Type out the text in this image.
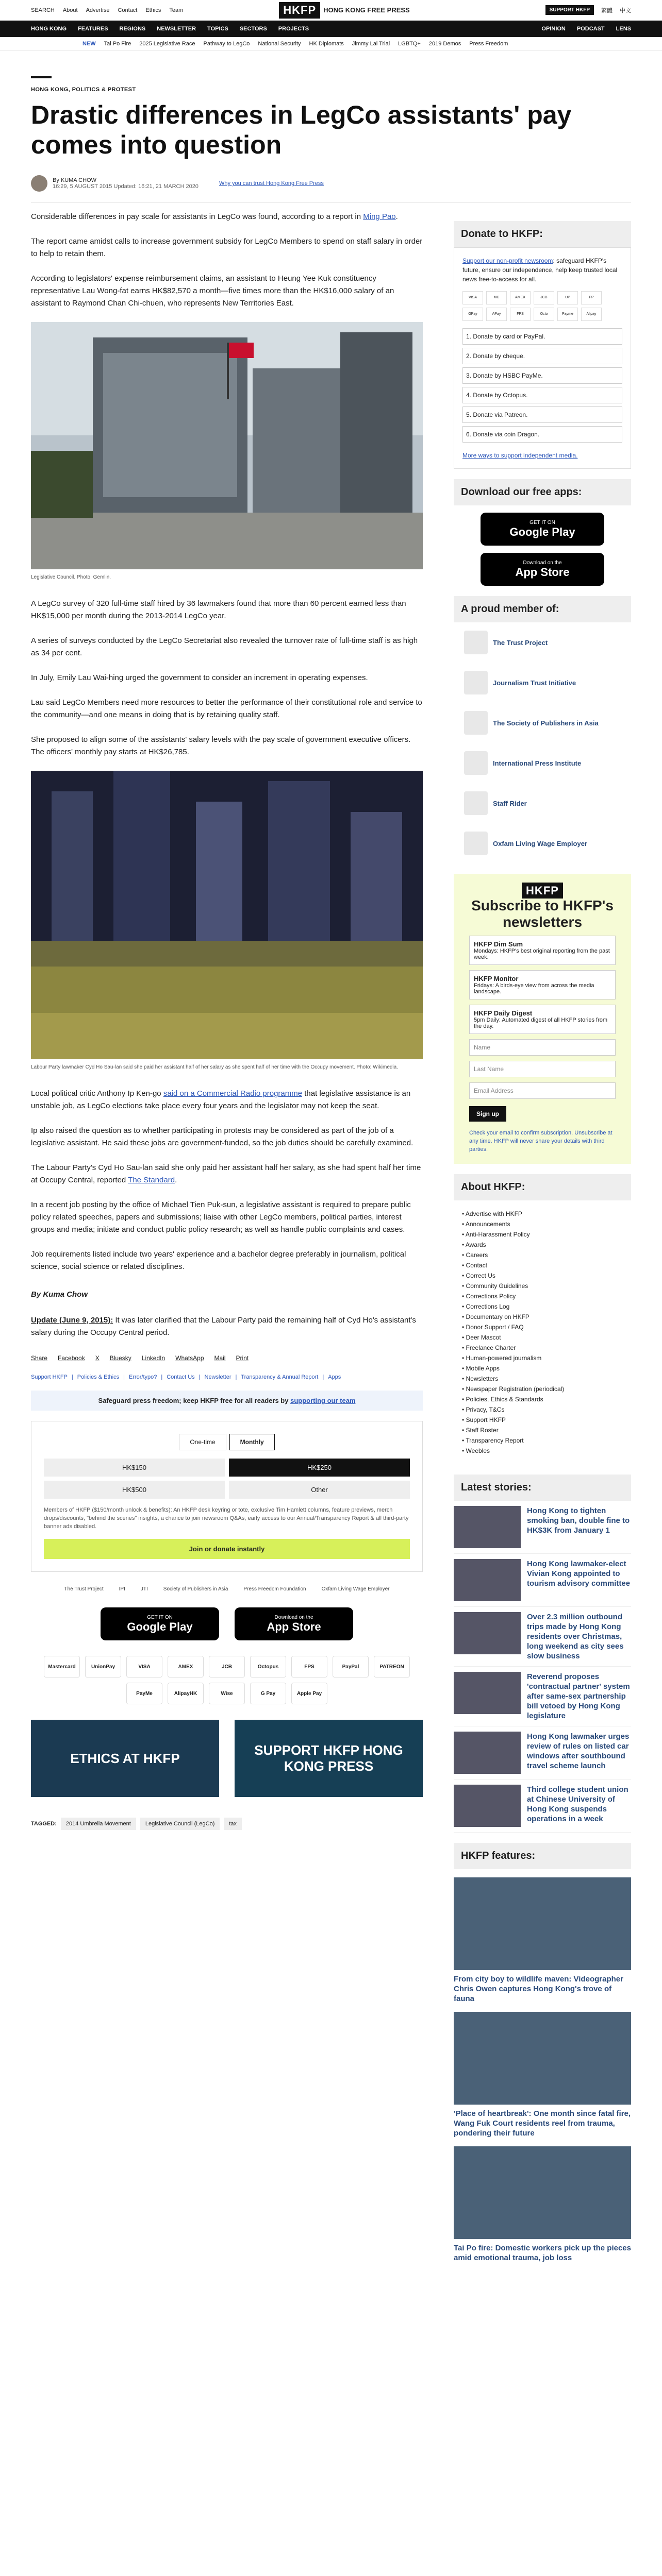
SEARCH About Advertise Contact Ethics Team	HKFP	HONG KONG FREE PRESS	SUPPORT HKFP	繁體 中文
HONG KONG FEATURES REGIONS NEWSLETTER TOPICS SECTORS PROJECTS	OPINION PODCAST LENS
NEW Tai Po Fire 2025 Legislative Race Pathway to LegCo National Security HK Diplomats Jimmy Lai Trial LGBTQ+ 2019 Demos Press Freedom
HONG KONG, POLITICS & PROTEST
Drastic differences in LegCo assistants' pay comes into question
By KUMA CHOW
16:29, 5 AUGUST 2015 Updated: 16:21, 21 MARCH 2020	Why you can trust Hong Kong Free Press

Considerable differences in pay scale for assistants in LegCo was found, according to a report in Ming Pao.

The report came amidst calls to increase government subsidy for LegCo Members to spend on staff salary in order to help to retain them.

According to legislators' expense reimbursement claims, an assistant to Heung Yee Kuk constituency representative Lau Wong-fat earns HK$82,570 a month—five times more than the HK$16,000 salary of an assistant to Raymond Chan Chi-chuen, who represents New Territories East.

Legislative Council. Photo: Gemlin.

A LegCo survey of 320 full-time staff hired by 36 lawmakers found that more than 60 percent earned less than HK$15,000 per month during the 2013-2014 LegCo year.

A series of surveys conducted by the LegCo Secretariat also revealed the turnover rate of full-time staff is as high as 34 per cent.

In July, Emily Lau Wai-hing urged the government to consider an increment in operating expenses.

Lau said LegCo Members need more resources to better the performance of their constitutional role and service to the community—and one means in doing that is by retaining quality staff.

She proposed to align some of the assistants' salary levels with the pay scale of government executive officers. The officers' monthly pay starts at HK$26,785.

Labour Party lawmaker Cyd Ho Sau-lan said she paid her assistant half of her salary as she spent half of her time with the Occupy movement. Photo: Wikimedia.

Local political critic Anthony Ip Ken-go said on a Commercial Radio programme that legislative assistance is an unstable job, as LegCo elections take place every four years and the legislator may not keep the seat.

Ip also raised the question as to whether participating in protests may be considered as part of the job of a legislative assistant. He said these jobs are government-funded, so the job duties should be carefully examined.

The Labour Party's Cyd Ho Sau-lan said she only paid her assistant half her salary, as she had spent half her time at Occupy Central, reported The Standard.

In a recent job posting by the office of Michael Tien Puk-sun, a legislative assistant is required to prepare public policy related speeches, papers and submissions; liaise with other LegCo members, political parties, interest groups and media; initiate and conduct public policy research; as well as handle public complaints and cases.

Job requirements listed include two years' experience and a bachelor degree preferably in journalism, political science, social science or related disciplines.

By Kuma Chow

Update (June 9, 2015): It was later clarified that the Labour Party paid the remaining half of Cyd Ho's assistant's salary during the Occupy Central period.

Share Facebook X Bluesky LinkedIn WhatsApp Mail Print
Support HKFP | Policies & Ethics | Error/typo? | Contact Us | Newsletter | Transparency & Annual Report | Apps
Safeguard press freedom; keep HKFP free for all readers by supporting our team
One-time	Monthly
HK$150	HK$250
HK$500	Other
Members of HKFP ($150/month unlock & benefits): An HKFP desk keyring or tote, exclusive Tim Hamlett columns, feature previews, merch drops/discounts, "behind the scenes" insights, a chance to join newsroom Q&As, early access to our Annual/Transparency Report & all third-party banner ads disabled.
Join or donate instantly
The Trust Project	IPI	JTI	Society of Publishers in Asia	Press Freedom Foundation	Oxfam Living Wage Employer
GET IT ON
Google Play
Download on the
App Store
Mastercard	UnionPay	VISA	AMEX	JCB	Octopus	FPS	PayPal	PATREON
PayMe	AlipayHK	Wise	G Pay	Apple Pay
ETHICS AT HKFP
SUPPORT HKFP HONG KONG PRESS
TAGGED:	2014 Umbrella Movement	Legislative Council (LegCo)	tax
Donate to HKFP:
Support our non-profit newsroom: safeguard HKFP's future, ensure our independence, help keep trusted local news free-to-access for all.
VISA	MC	AMEX	JCB	UP	PP
GPay	APay	FPS	Octo	Payme	Alipay
1. Donate by card or PayPal.
2. Donate by cheque.
3. Donate by HSBC PayMe.
4. Donate by Octopus.
5. Donate via Patreon.
6. Donate via coin Dragon.
More ways to support independent media.
Download our free apps:
GET IT ON
Google Play
Download on the
App Store
A proud member of:
The Trust Project
Journalism Trust Initiative
The Society of Publishers in Asia
International Press Institute
Staff Rider
Oxfam Living Wage Employer
HKFP
Subscribe to HKFP's newsletters
HKFP Dim Sum
Mondays: HKFP's best original reporting from the past week.
HKFP Monitor
Fridays: A birds-eye view from across the media landscape.
HKFP Daily Digest
5pm Daily: Automated digest of all HKFP stories from the day.
Name
Last Name
Email Address
Sign up
Check your email to confirm subscription. Unsubscribe at any time. HKFP will never share your details with third parties.
About HKFP:
• Advertise with HKFP
• Announcements
• Anti-Harassment Policy
• Awards
• Careers
• Contact
• Correct Us
• Community Guidelines
• Corrections Policy
• Corrections Log
• Documentary on HKFP
• Donor Support / FAQ
• Deer Mascot
• Freelance Charter
• Human-powered journalism
• Mobile Apps
• Newsletters
• Newspaper Registration (periodical)
• Policies, Ethics & Standards
• Privacy, T&Cs
• Support HKFP
• Staff Roster
• Transparency Report
• Weebles
Latest stories:
Hong Kong to tighten smoking ban, double fine to HK$3K from January 1
Hong Kong lawmaker-elect Vivian Kong appointed to tourism advisory committee
Over 2.3 million outbound trips made by Hong Kong residents over Christmas, long weekend as city sees slow business
Reverend proposes 'contractual partner' system after same-sex partnership bill vetoed by Hong Kong legislature
Hong Kong lawmaker urges review of rules on listed car windows after southbound travel scheme launch
Third college student union at Chinese University of Hong Kong suspends operations in a week
HKFP features:
From city boy to wildlife maven: Videographer Chris Owen captures Hong Kong's trove of fauna
'Place of heartbreak': One month since fatal fire, Wang Fuk Court residents reel from trauma, pondering their future
Tai Po fire: Domestic workers pick up the pieces amid emotional trauma, job loss
